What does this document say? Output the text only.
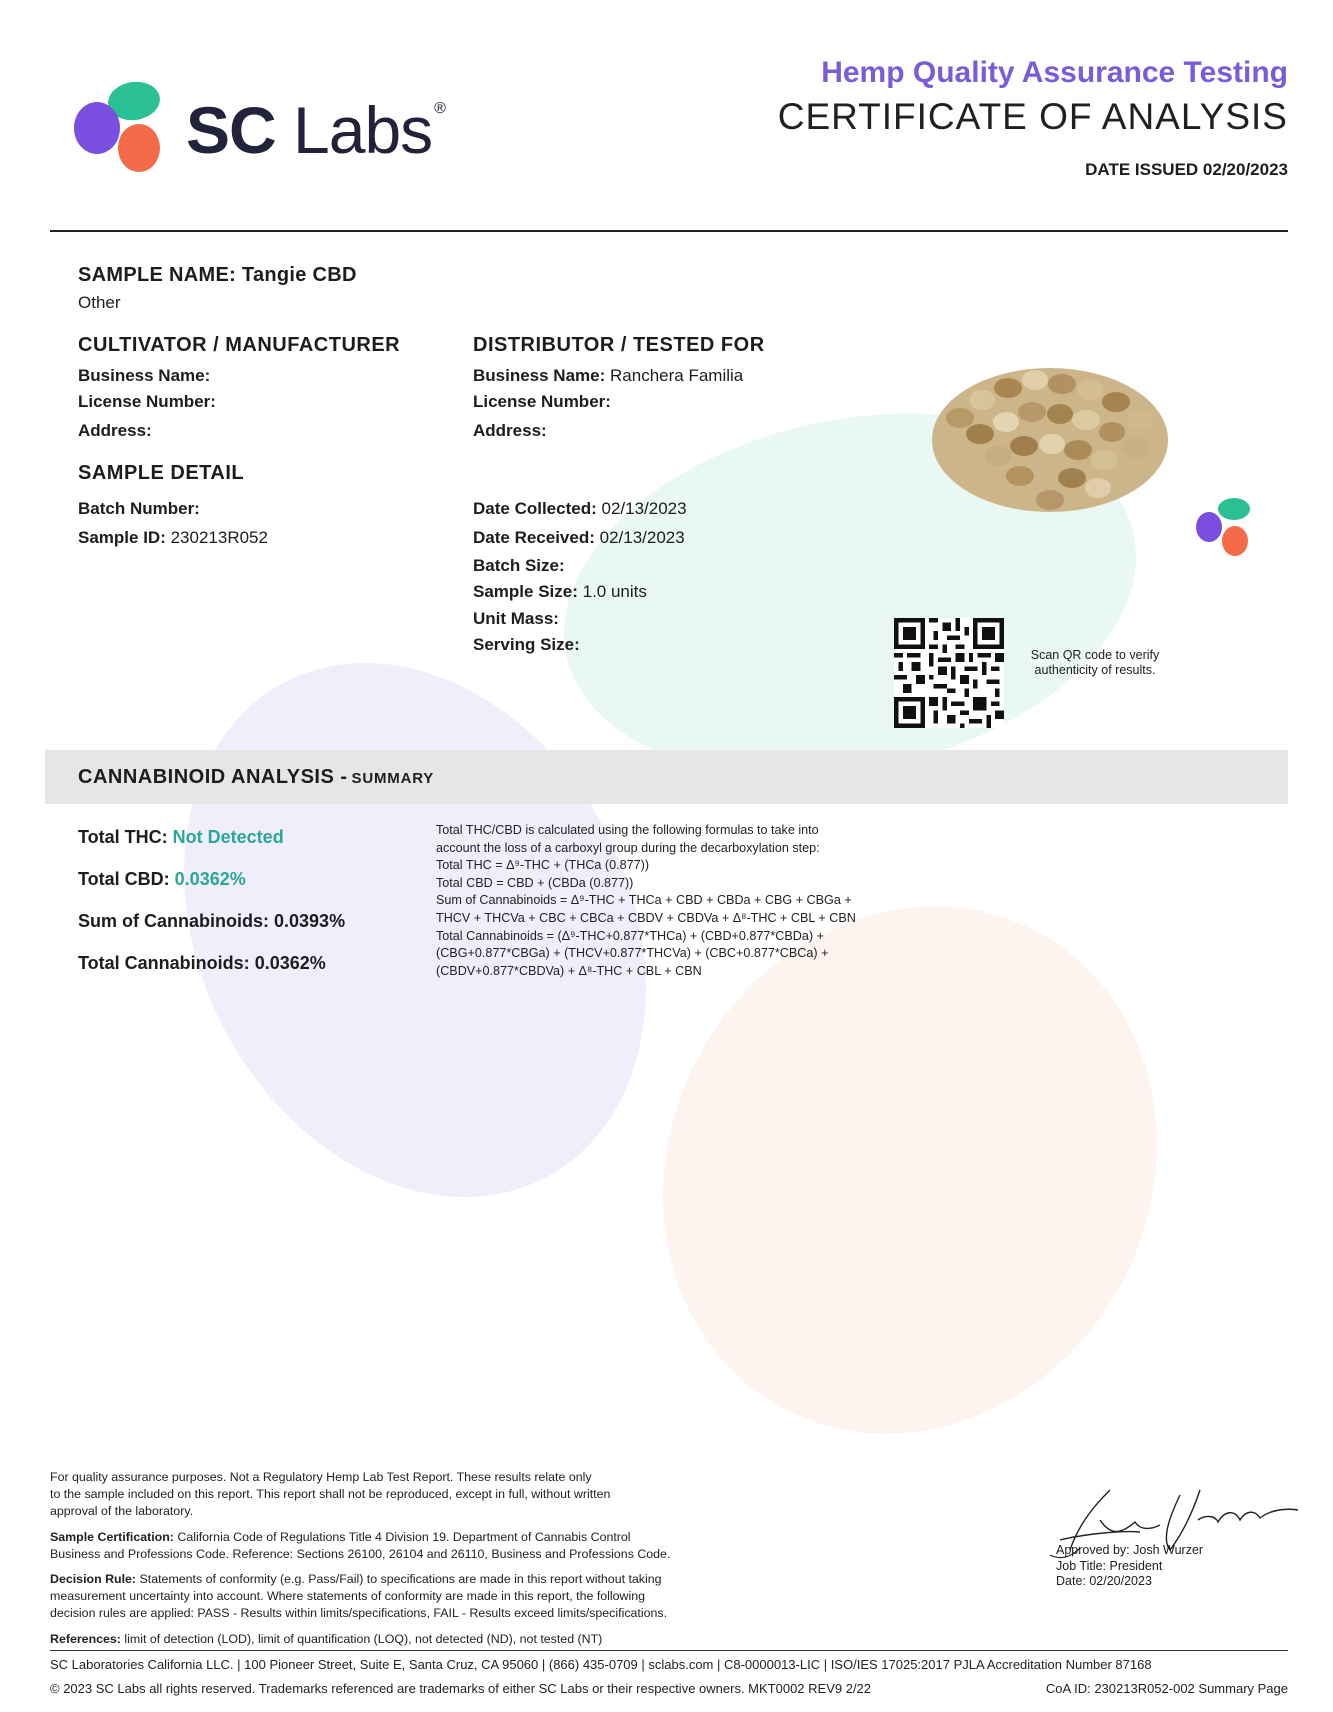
SC Labs ®
Hemp Quality Assurance Testing
CERTIFICATE OF ANALYSIS
DATE ISSUED 02/20/2023
SAMPLE NAME: Tangie CBD
Other
CULTIVATOR / MANUFACTURER
Business Name:
License Number:
Address:
DISTRIBUTOR / TESTED FOR
Business Name: Ranchera Familia
License Number:
Address:
SAMPLE DETAIL
Batch Number:
Sample ID: 230213R052
Date Collected: 02/13/2023
Date Received: 02/13/2023
Batch Size:
Sample Size: 1.0 units
Unit Mass:
Serving Size:
Scan QR code to verify
authenticity of results.
CANNABINOID ANALYSIS - SUMMARY
Total THC: Not Detected
Total CBD: 0.0362%
Sum of Cannabinoids: 0.0393%
Total Cannabinoids: 0.0362%
Total THC/CBD is calculated using the following formulas to take into
account the loss of a carboxyl group during the decarboxylation step:
Total THC = Δ⁹-THC + (THCa (0.877))
Total CBD = CBD + (CBDa (0.877))
Sum of Cannabinoids = Δ⁹-THC + THCa + CBD + CBDa + CBG + CBGa +
THCV + THCVa + CBC + CBCa + CBDV + CBDVa + Δ⁸-THC + CBL + CBN
Total Cannabinoids = (Δ⁹-THC+0.877*THCa) + (CBD+0.877*CBDa) +
(CBG+0.877*CBGa) + (THCV+0.877*THCVa) + (CBC+0.877*CBCa) +
(CBDV+0.877*CBDVa) + Δ⁸-THC + CBL + CBN
For quality assurance purposes. Not a Regulatory Hemp Lab Test Report. These results relate only
to the sample included on this report. This report shall not be reproduced, except in full, without written
approval of the laboratory.
Sample Certification: California Code of Regulations Title 4 Division 19. Department of Cannabis Control
Business and Professions Code. Reference: Sections 26100, 26104 and 26110, Business and Professions Code.
Decision Rule: Statements of conformity (e.g. Pass/Fail) to specifications are made in this report without taking
measurement uncertainty into account. Where statements of conformity are made in this report, the following
decision rules are applied: PASS - Results within limits/specifications, FAIL - Results exceed limits/specifications.
References: limit of detection (LOD), limit of quantification (LOQ), not detected (ND), not tested (NT)
Approved by: Josh Wurzer
Job Title: President
Date: 02/20/2023
SC Laboratories California LLC. | 100 Pioneer Street, Suite E, Santa Cruz, CA 95060 | (866) 435-0709 | sclabs.com | C8-0000013-LIC | ISO/IES 17025:2017 PJLA Accreditation Number 87168
© 2023 SC Labs all rights reserved. Trademarks referenced are trademarks of either SC Labs or their respective owners. MKT0002 REV9 2/22	CoA ID: 230213R052-002 Summary Page
